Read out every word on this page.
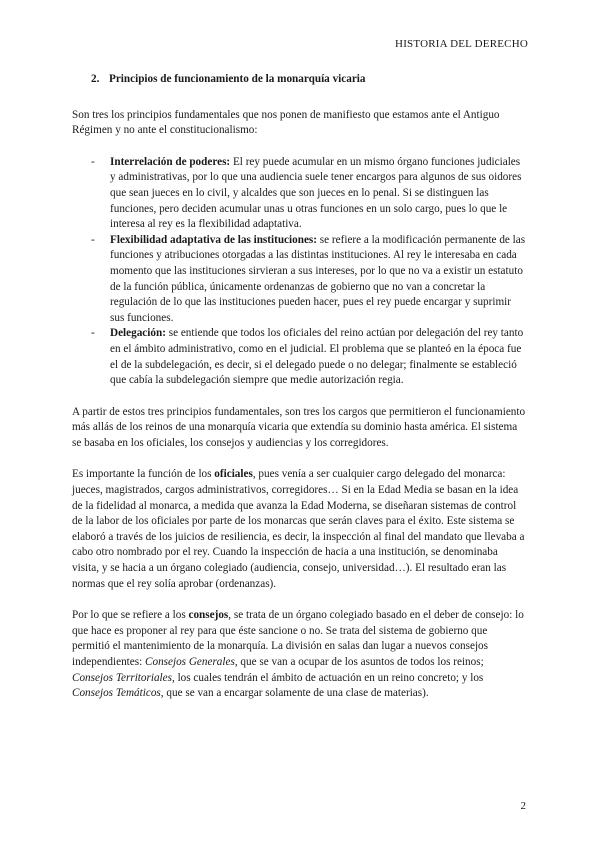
HISTORIA DEL DERECHO
2. Principios de funcionamiento de la monarquía vicaria

Son tres los principios fundamentales que nos ponen de manifiesto que estamos ante el Antiguo Régimen y no ante el constitucionalismo:

- Interrelación de poderes: El rey puede acumular en un mismo órgano funciones judiciales y administrativas, por lo que una audiencia suele tener encargos para algunos de sus oidores que sean jueces en lo civil, y alcaldes que son jueces en lo penal. Si se distinguen las funciones, pero deciden acumular unas u otras funciones en un solo cargo, pues lo que le interesa al rey es la flexibilidad adaptativa.
- Flexibilidad adaptativa de las instituciones: se refiere a la modificación permanente de las funciones y atribuciones otorgadas a las distintas instituciones. Al rey le interesaba en cada momento que las instituciones sirvieran a sus intereses, por lo que no va a existir un estatuto de la función pública, únicamente ordenanzas de gobierno que no van a concretar la regulación de lo que las instituciones pueden hacer, pues el rey puede encargar y suprimir sus funciones.
- Delegación: se entiende que todos los oficiales del reino actúan por delegación del rey tanto en el ámbito administrativo, como en el judicial. El problema que se planteó en la época fue el de la subdelegación, es decir, si el delegado puede o no delegar; finalmente se estableció que cabía la subdelegación siempre que medie autorización regia.

A partir de estos tres principios fundamentales, son tres los cargos que permitieron el funcionamiento más allás de los reinos de una monarquía vicaria que extendía su dominio hasta américa. El sistema se basaba en los oficiales, los consejos y audiencias y los corregidores.

Es importante la función de los oficiales, pues venía a ser cualquier cargo delegado del monarca: jueces, magistrados, cargos administrativos, corregidores… Si en la Edad Media se basan en la idea de la fidelidad al monarca, a medida que avanza la Edad Moderna, se diseñaran sistemas de control de la labor de los oficiales por parte de los monarcas que serán claves para el éxito. Este sistema se elaboró a través de los juicios de resiliencia, es decir, la inspección al final del mandato que llevaba a cabo otro nombrado por el rey. Cuando la inspección de hacia a una institución, se denominaba visita, y se hacia a un órgano colegiado (audiencia, consejo, universidad…). El resultado eran las normas que el rey solía aprobar (ordenanzas).

Por lo que se refiere a los consejos, se trata de un órgano colegiado basado en el deber de consejo: lo que hace es proponer al rey para que éste sancione o no. Se trata del sistema de gobierno que permitió el mantenimiento de la monarquía. La división en salas dan lugar a nuevos consejos independientes: Consejos Generales, que se van a ocupar de los asuntos de todos los reinos; Consejos Territoriales, los cuales tendrán el ámbito de actuación en un reino concreto; y los Consejos Temáticos, que se van a encargar solamente de una clase de materias).

2
